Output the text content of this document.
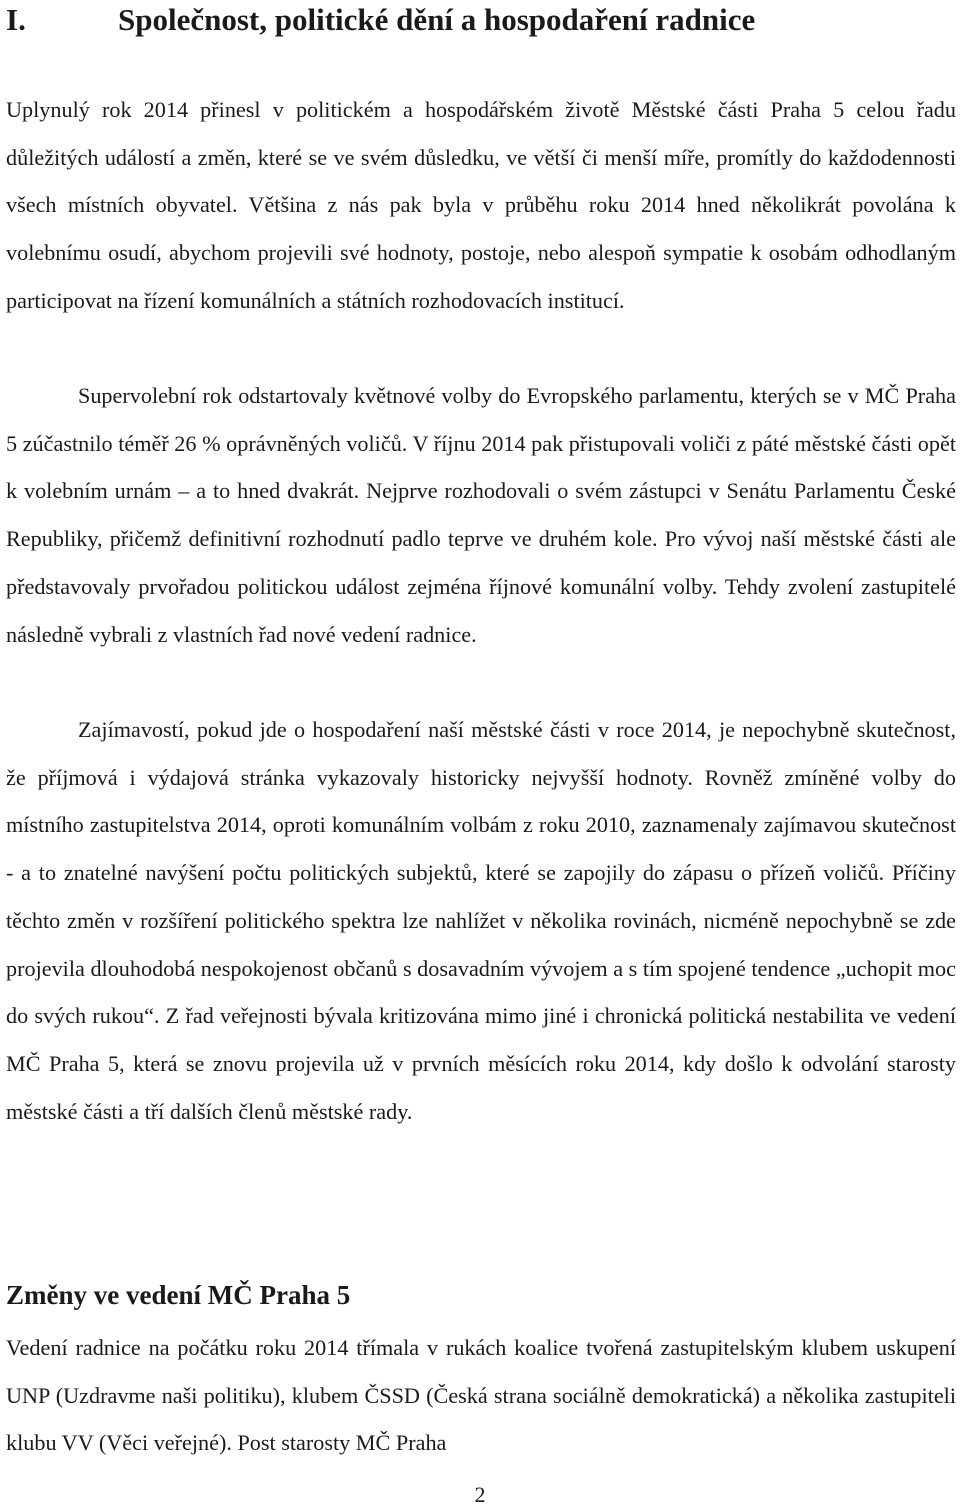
I.	Společnost, politické dění a hospodaření radnice

Uplynulý rok 2014 přinesl v politickém a hospodářském životě Městské části Praha 5 celou řadu důležitých událostí a změn, které se ve svém důsledku, ve větší či menší míře, promítly do každodennosti všech místních obyvatel. Většina z nás pak byla v průběhu roku 2014 hned několikrát povolána k volebnímu osudí, abychom projevili své hodnoty, postoje, nebo alespoň sympatie k osobám odhodlaným participovat na řízení komunálních a státních rozhodovacích institucí.

Supervolební rok odstartovaly květnové volby do Evropského parlamentu, kterých se v MČ Praha 5 zúčastnilo téměř 26 % oprávněných voličů. V říjnu 2014 pak přistupovali voliči z páté městské části opět k volebním urnám – a to hned dvakrát. Nejprve rozhodovali o svém zástupci v Senátu Parlamentu České Republiky, přičemž definitivní rozhodnutí padlo teprve ve druhém kole. Pro vývoj naší městské části ale představovaly prvořadou politickou událost zejména říjnové komunální volby. Tehdy zvolení zastupitelé následně vybrali z vlastních řad nové vedení radnice.

Zajímavostí, pokud jde o hospodaření naší městské části v roce 2014, je nepochybně skutečnost, že příjmová i výdajová stránka vykazovaly historicky nejvyšší hodnoty. Rovněž zmíněné volby do místního zastupitelstva 2014, oproti komunálním volbám z roku 2010, zaznamenaly zajímavou skutečnost - a to znatelné navýšení počtu politických subjektů, které se zapojily do zápasu o přízeň voličů. Příčiny těchto změn v rozšíření politického spektra lze nahlížet v několika rovinách, nicméně nepochybně se zde projevila dlouhodobá nespokojenost občanů s dosavadním vývojem a s tím spojené tendence „uchopit moc do svých rukou“. Z řad veřejnosti bývala kritizována mimo jiné i chronická politická nestabilita ve vedení MČ Praha 5, která se znovu projevila už v prvních měsících roku 2014, kdy došlo k odvolání starosty městské části a tří dalších členů městské rady.

Změny ve vedení MČ Praha 5

Vedení radnice na počátku roku 2014 třímala v rukách koalice tvořená zastupitelským klubem uskupení UNP (Uzdravme naši politiku), klubem ČSSD (Česká strana sociálně demokratická) a několika zastupiteli klubu VV (Věci veřejné). Post starosty MČ Praha

2
